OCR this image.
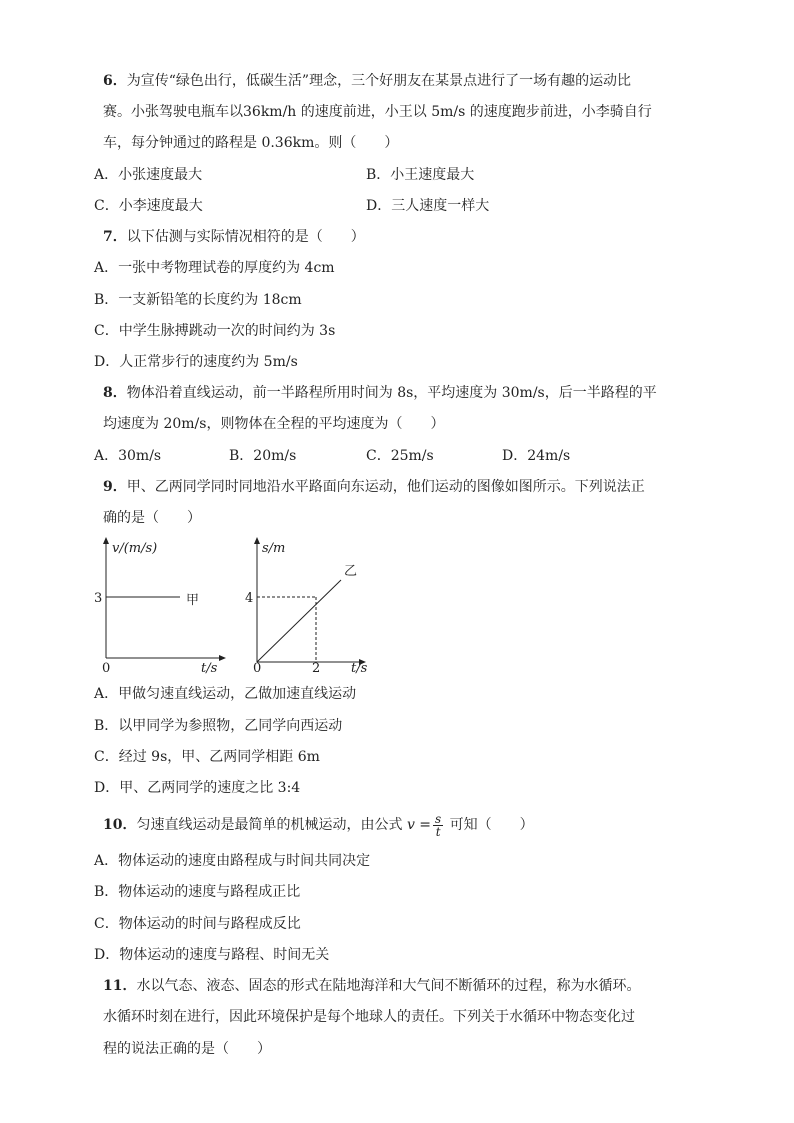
6．为宣传“绿色出行，低碳生活”理念，三个好朋友在某景点进行了一场有趣的运动比
赛。小张驾驶电瓶车以36km/h 的速度前进，小王以 5m/s 的速度跑步前进，小李骑自行
车，每分钟通过的路程是 0.36km。则（　　）
A．小张速度最大	B．小王速度最大
C．小李速度最大	D．三人速度一样大
7．以下估测与实际情况相符的是（　　）
A．一张中考物理试卷的厚度约为 4cm
B．一支新铅笔的长度约为 18cm
C．中学生脉搏跳动一次的时间约为 3s
D．人正常步行的速度约为 5m/s
8．物体沿着直线运动，前一半路程所用时间为 8s，平均速度为 30m/s，后一半路程的平
均速度为 20m/s，则物体在全程的平均速度为（　　）
A．30m/s	B．20m/s	C．25m/s	D．24m/s
9．甲、乙两同学同时同地沿水平路面向东运动，他们运动的图像如图所示。下列说法正
确的是（　　）
v/(m/s)
t/s
0
3	甲
s/m
t/s
0
4
2
乙
A．甲做匀速直线运动，乙做加速直线运动
B．以甲同学为参照物，乙同学向西运动
C．经过 9s，甲、乙两同学相距 6m
D．甲、乙两同学的速度之比 3:4
10．匀速直线运动是最简单的机械运动，由公式 $v = \frac{s}{t}$ 可知（　　）
A．物体运动的速度由路程成与时间共同决定
B．物体运动的速度与路程成正比
C．物体运动的时间与路程成反比
D．物体运动的速度与路程、时间无关
11．水以气态、液态、固态的形式在陆地海洋和大气间不断循环的过程，称为水循环。
水循环时刻在进行，因此环境保护是每个地球人的责任。下列关于水循环中物态变化过
程的说法正确的是（　　）
